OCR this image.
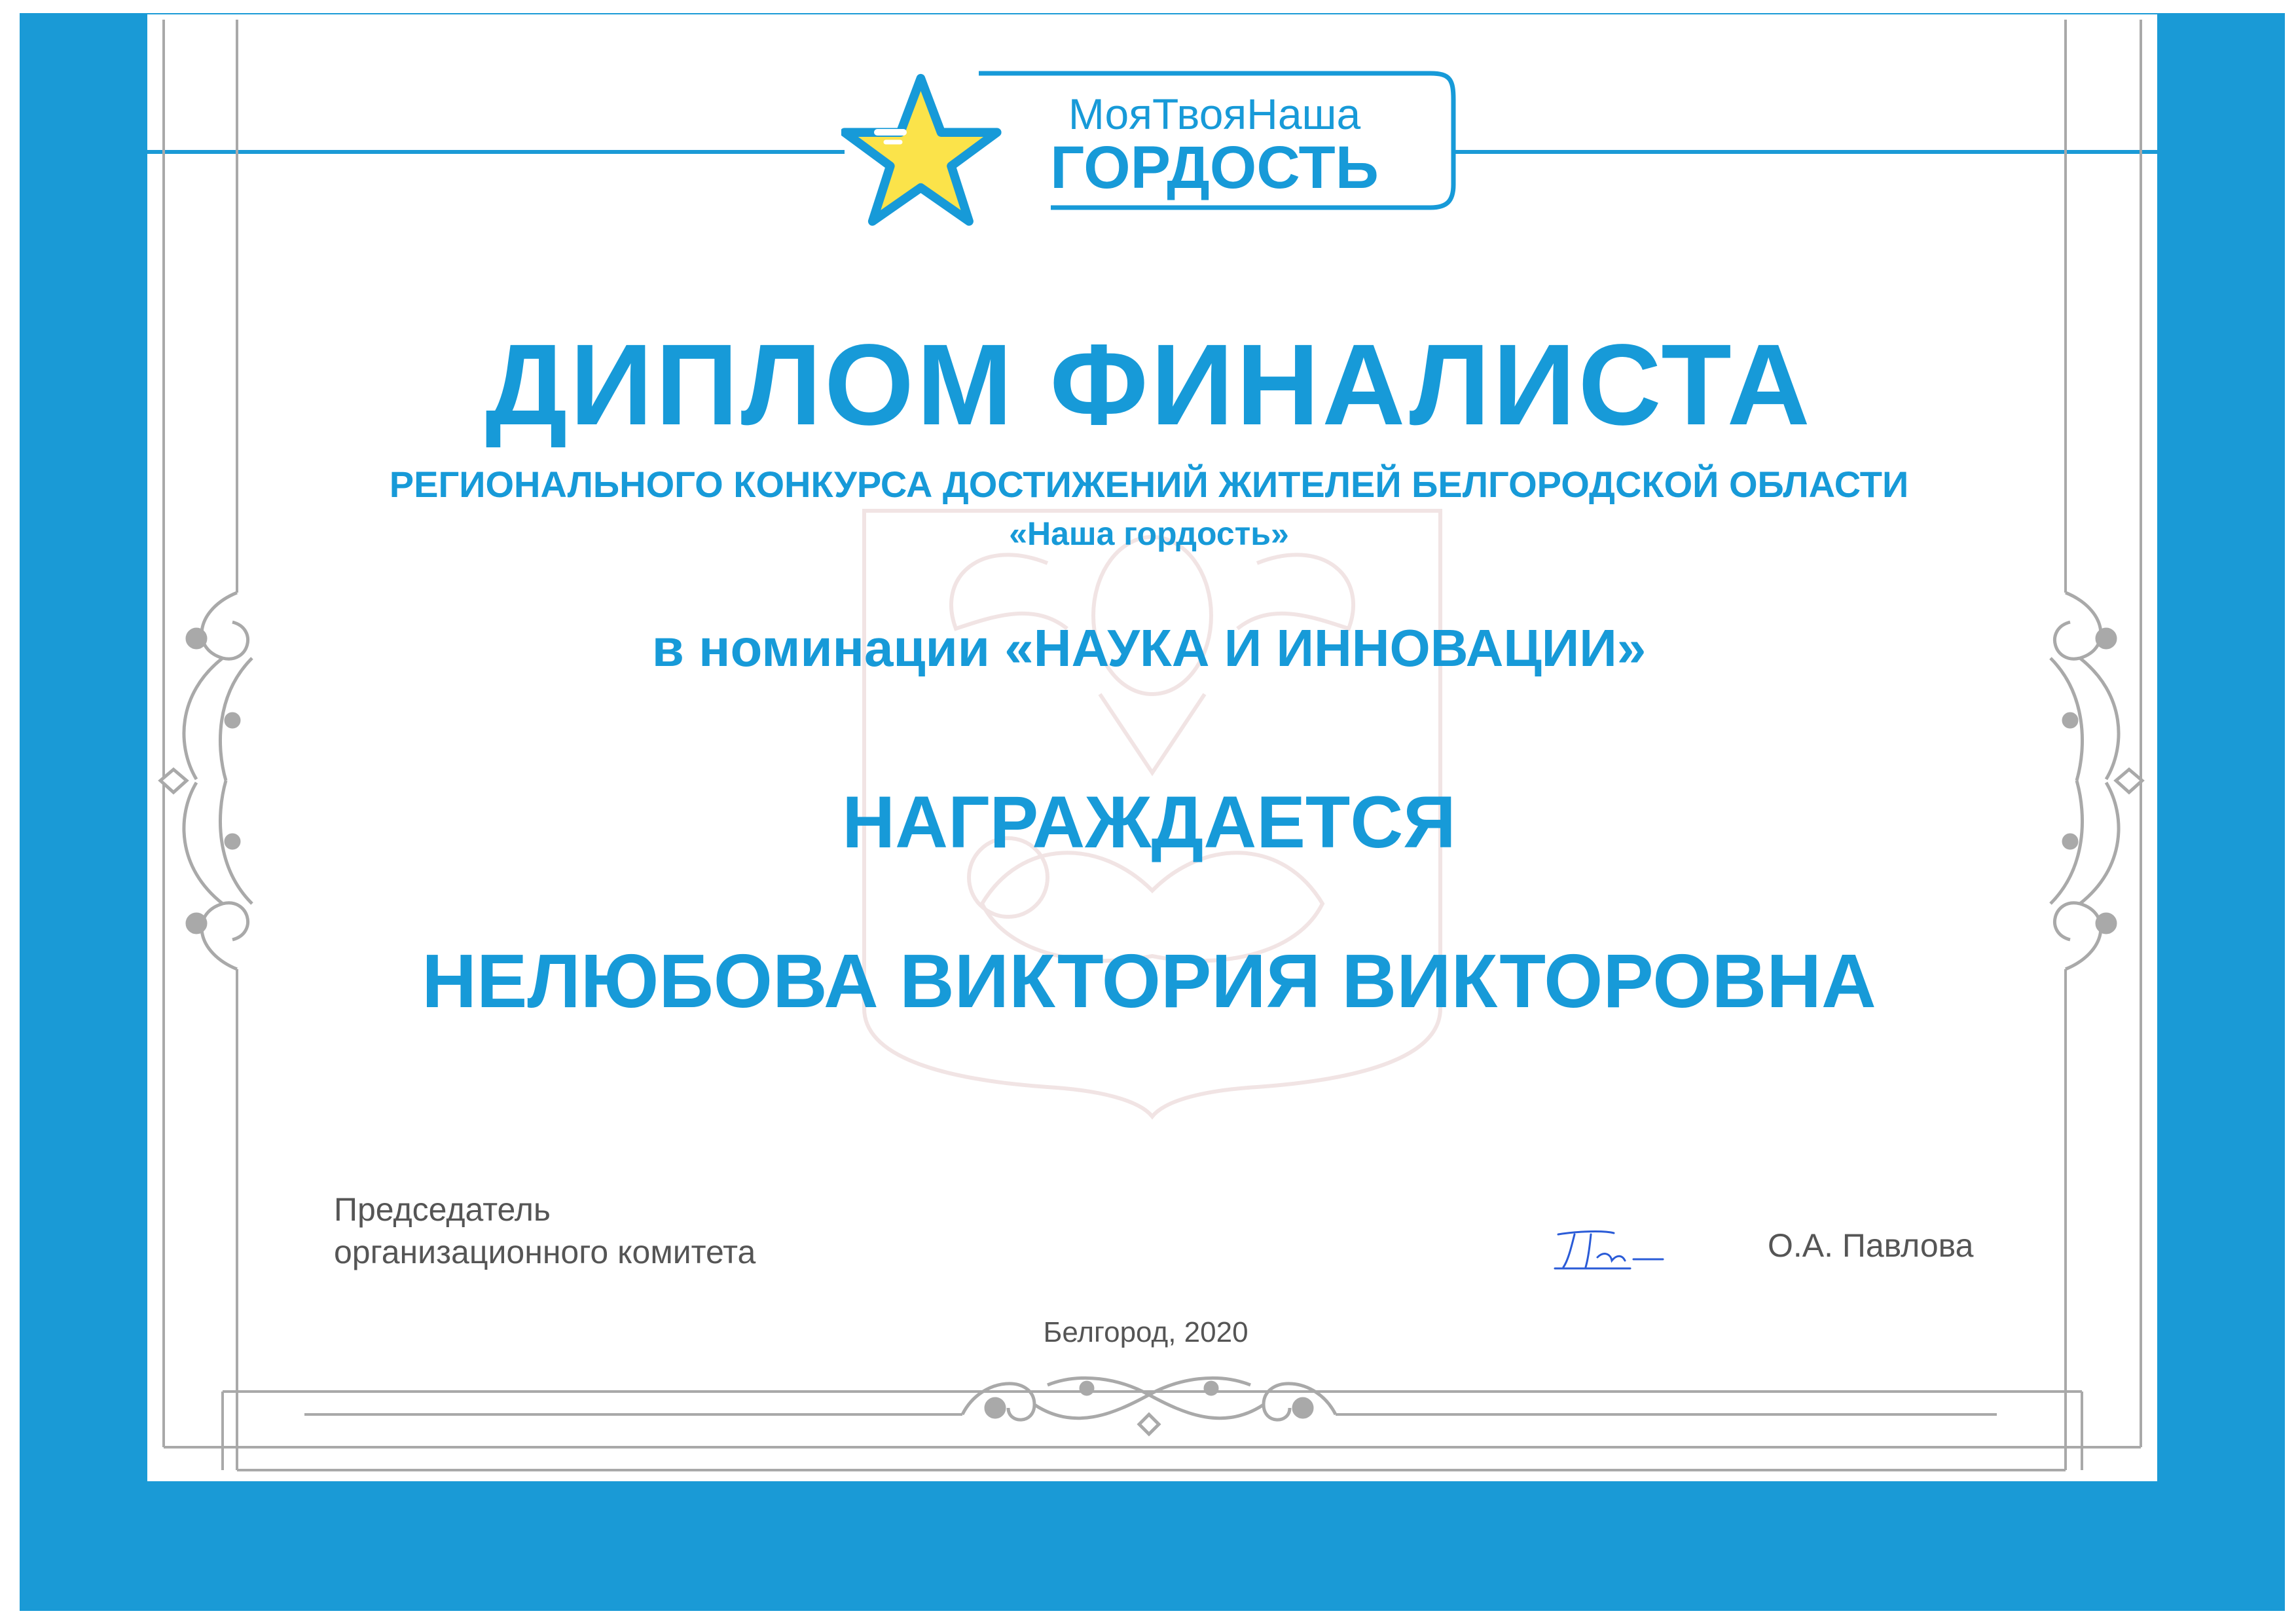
МояТвояНаша
ГОРДОСТЬ
ДИПЛОМ ФИНАЛИСТА
РЕГИОНАЛЬНОГО КОНКУРСА ДОСТИЖЕНИЙ ЖИТЕЛЕЙ БЕЛГОРОДСКОЙ ОБЛАСТИ
«Наша гордость»
в номинации «НАУКА И ИННОВАЦИИ»
НАГРАЖДАЕТСЯ
НЕЛЮБОВА ВИКТОРИЯ ВИКТОРОВНА
Председатель
организационного комитета	О.А. Павлова
Белгород, 2020
